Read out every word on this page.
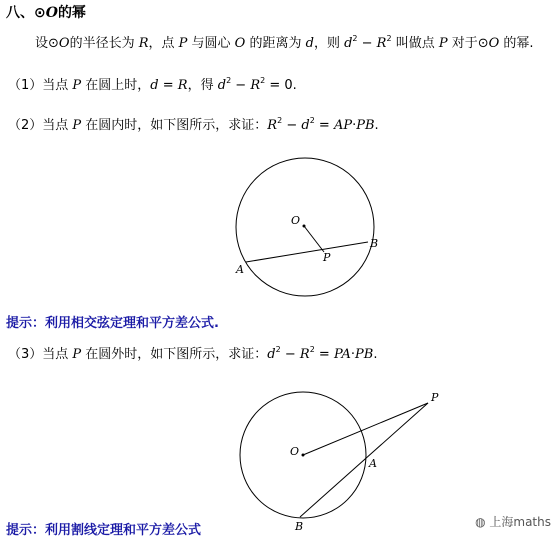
八、⊙O的幂
设⊙O的半径长为 R，点 P 与圆心 O 的距离为 d，则 $d^2 - R^2$ 叫做点 P 对于⊙O 的幂.
（1）当点 P 在圆上时，d = R，得 $d^2 - R^2 = 0$.
（2）当点 P 在圆内时，如下图所示，求证：$R^2 - d^2 = AP\cdot PB$.
O
A
B
P
O
A
B
P
提示：利用相交弦定理和平方差公式.
（3）当点 P 在圆外时，如下图所示，求证：$d^2 - R^2 = PA\cdot PB$.
提示：利用割线定理和平方差公式
◍ 上海maths
